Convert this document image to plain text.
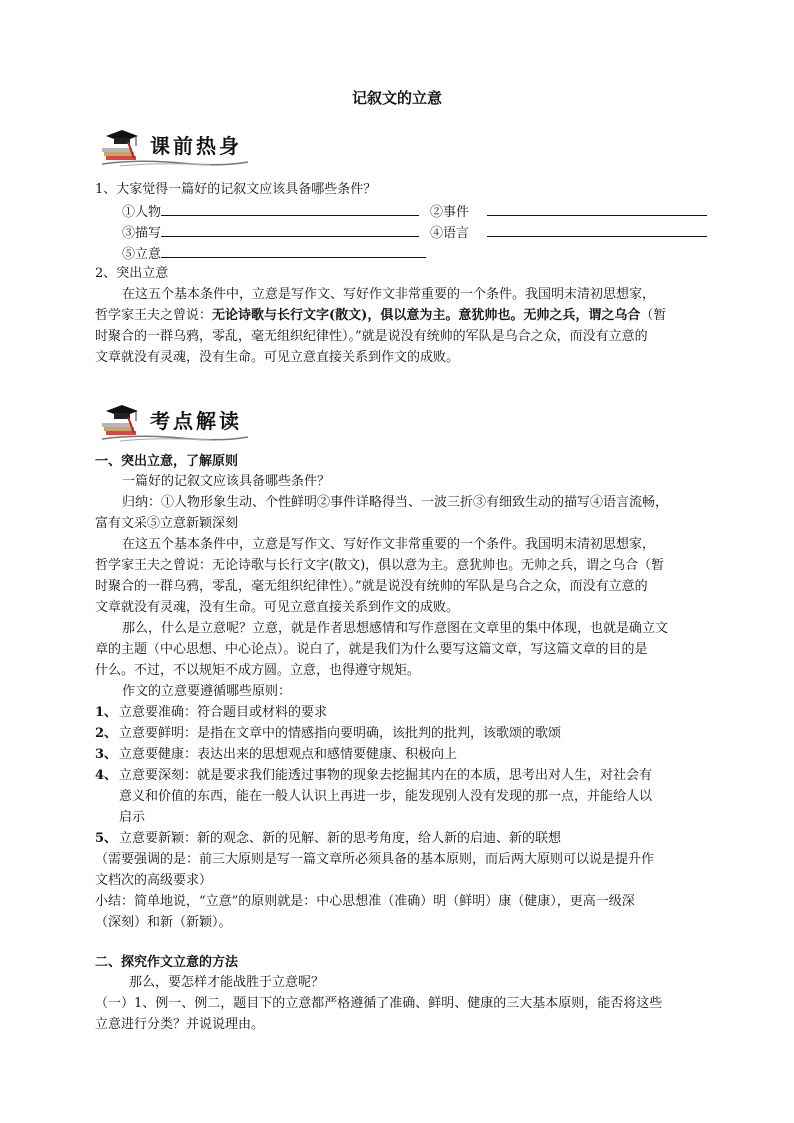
记叙文的立意
课前热身
1、大家觉得一篇好的记叙文应该具备哪些条件？
①人物	②事件
③描写	④语言
⑤立意
2、突出立意
在这五个基本条件中，立意是写作文、写好作文非常重要的一个条件。我国明末清初思想家，
哲学家王夫之曾说：无论诗歌与长行文字(散文)，俱以意为主。意犹帅也。无帅之兵，谓之乌合（暂
时聚合的一群乌鸦，零乱，毫无组织纪律性）。”就是说没有统帅的军队是乌合之众，而没有立意的
文章就没有灵魂，没有生命。可见立意直接关系到作文的成败。
考点解读
一、突出立意，了解原则
一篇好的记叙文应该具备哪些条件？
归纳：①人物形象生动、个性鲜明②事件详略得当、一波三折③有细致生动的描写④语言流畅，
富有文采⑤立意新颖深刻
在这五个基本条件中，立意是写作文、写好作文非常重要的一个条件。我国明末清初思想家，
哲学家王夫之曾说：无论诗歌与长行文字(散文)，俱以意为主。意犹帅也。无帅之兵，谓之乌合（暂
时聚合的一群乌鸦，零乱，毫无组织纪律性）。”就是说没有统帅的军队是乌合之众，而没有立意的
文章就没有灵魂，没有生命。可见立意直接关系到作文的成败。
那么，什么是立意呢？立意，就是作者思想感情和写作意图在文章里的集中体现，也就是确立文
章的主题（中心思想、中心论点）。说白了，就是我们为什么要写这篇文章，写这篇文章的目的是
什么。不过，不以规矩不成方圆。立意，也得遵守规矩。
作文的立意要遵循哪些原则：
1、 立意要准确：符合题目或材料的要求
2、 立意要鲜明：是指在文章中的情感指向要明确，该批判的批判，该歌颂的歌颂
3、 立意要健康：表达出来的思想观点和感情要健康、积极向上
4、 立意要深刻：就是要求我们能透过事物的现象去挖掘其内在的本质，思考出对人生，对社会有
意义和价值的东西，能在一般人认识上再进一步，能发现别人没有发现的那一点，并能给人以
启示
5、 立意要新颖：新的观念、新的见解、新的思考角度，给人新的启迪、新的联想
（需要强调的是：前三大原则是写一篇文章所必须具备的基本原则，而后两大原则可以说是提升作
文档次的高级要求）
小结：简单地说，“立意”的原则就是：中心思想准（准确）明（鲜明）康（健康），更高一级深
（深刻）和新（新颖）。
二、探究作文立意的方法
那么，要怎样才能战胜于立意呢？
（一）1、例一、例二，题目下的立意都严格遵循了准确、鲜明、健康的三大基本原则，能否将这些
立意进行分类？并说说理由。
